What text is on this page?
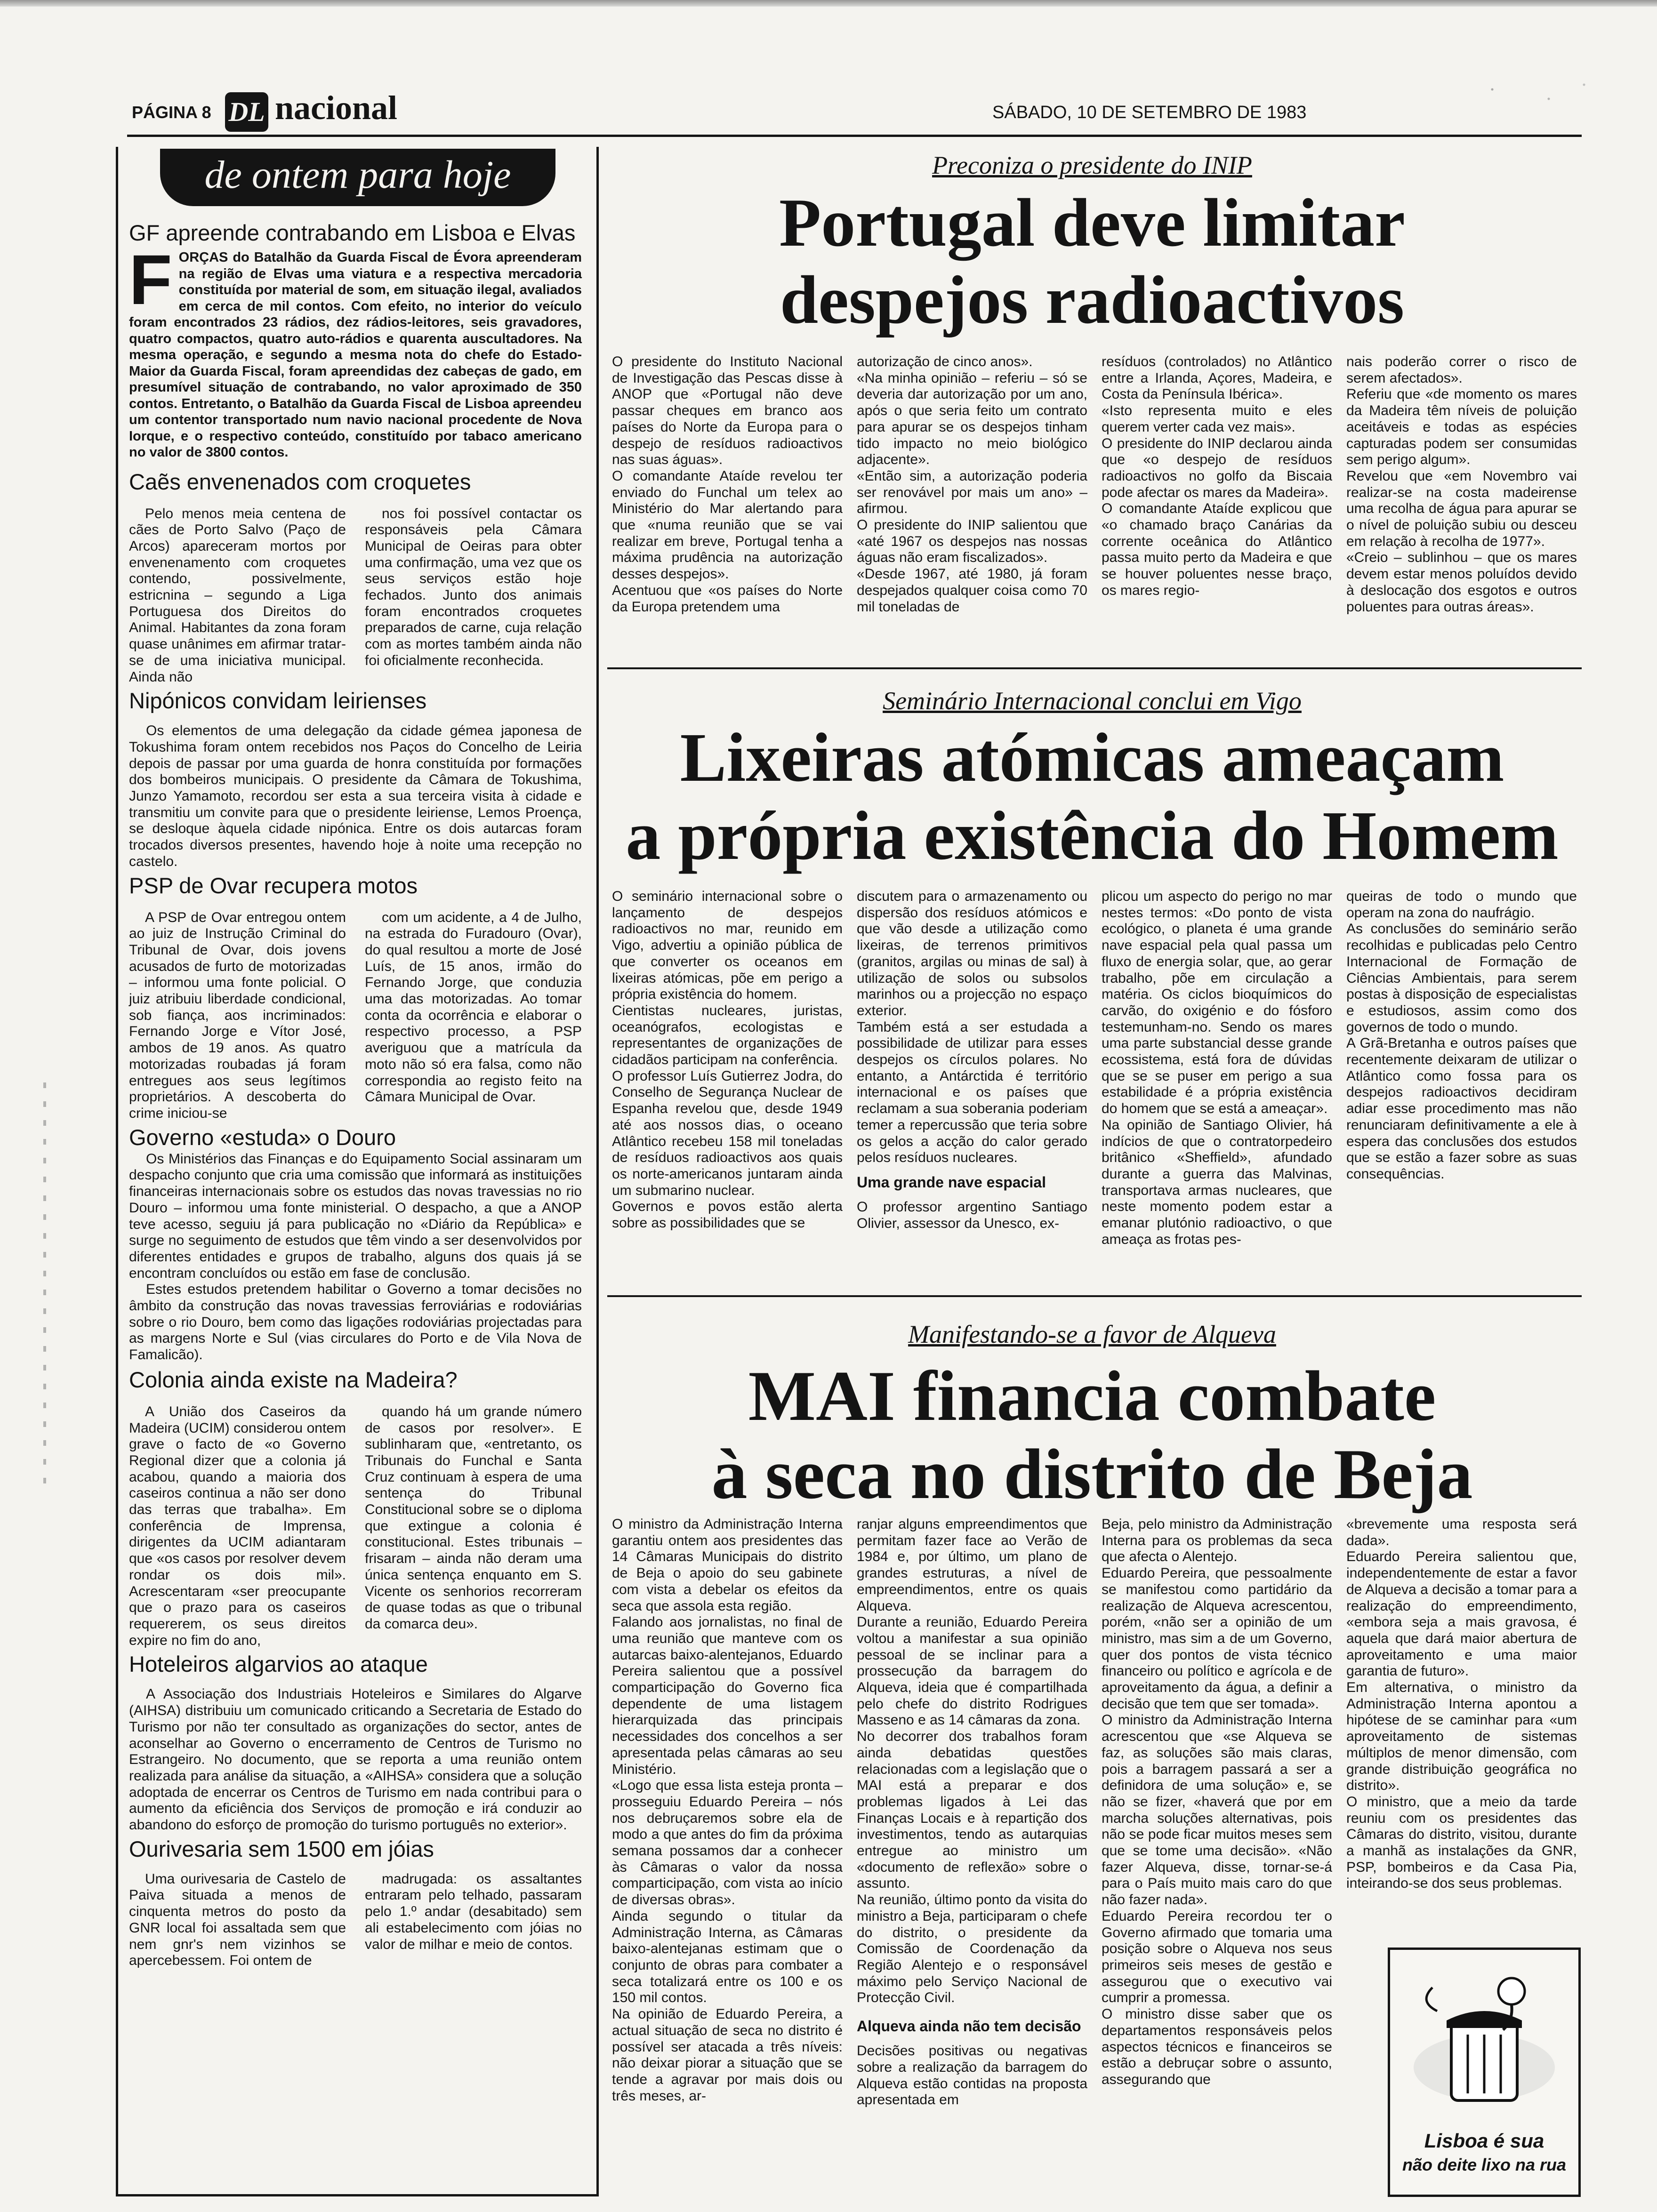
PÁGINA 8 DL nacional	SÁBADO, 10 DE SETEMBRO DE 1983
de ontem para hoje
GF apreende contrabando em Lisboa e Elvas
F ORÇAS do Batalhão da Guarda Fiscal de Évora apreenderam na região de Elvas uma viatura e a respectiva mercadoria constituída por material de som, em situação ilegal, avaliados em cerca de mil contos. Com efeito, no interior do veículo foram encontrados 23 rádios, dez rádios-leitores, seis gravadores, quatro compactos, quatro auto-rádios e quarenta auscultadores. Na mesma operação, e segundo a mesma nota do chefe do Estado-Maior da Guarda Fiscal, foram apreendidas dez cabeças de gado, em presumível situação de contrabando, no valor aproximado de 350 contos. Entretanto, o Batalhão da Guarda Fiscal de Lisboa apreendeu um contentor transportado num navio nacional procedente de Nova Iorque, e o respectivo conteúdo, constituído por tabaco americano no valor de 3800 contos.
Caẽs envenenados com croquetes

Pelo menos meia centena de cães de Porto Salvo (Paço de Arcos) apareceram mortos por envenenamento com croquetes contendo, possivelmente, estricnina – segundo a Liga Portuguesa dos Direitos do Animal. Habitantes da zona foram quase unânimes em afirmar tratar-se de uma iniciativa municipal. Ainda não

nos foi possível contactar os responsáveis pela Câmara Municipal de Oeiras para obter uma confirmação, uma vez que os seus serviços estão hoje fechados. Junto dos animais foram encontrados croquetes preparados de carne, cuja relação com as mortes também ainda não foi oficialmente reconhecida.

Nipónicos convidam leirienses

Os elementos de uma delegação da cidade gémea japonesa de Tokushima foram ontem recebidos nos Paços do Concelho de Leiria depois de passar por uma guarda de honra constituída por formações dos bombeiros municipais. O presidente da Câmara de Tokushima, Junzo Yamamoto, recordou ser esta a sua terceira visita à cidade e transmitiu um convite para que o presidente leiriense, Lemos Proença, se desloque àquela cidade nipónica. Entre os dois autarcas foram trocados diversos presentes, havendo hoje à noite uma recepção no castelo.

PSP de Ovar recupera motos

A PSP de Ovar entregou ontem ao juiz de Instrução Criminal do Tribunal de Ovar, dois jovens acusados de furto de motorizadas – informou uma fonte policial. O juiz atribuiu liberdade condicional, sob fiança, aos incriminados: Fernando Jorge e Vítor José, ambos de 19 anos. As quatro motorizadas roubadas já foram entregues aos seus legítimos proprietários. A descoberta do crime iniciou-se

com um acidente, a 4 de Julho, na estrada do Furadouro (Ovar), do qual resultou a morte de José Luís, de 15 anos, irmão do Fernando Jorge, que conduzia uma das motorizadas. Ao tomar conta da ocorrência e elaborar o respectivo processo, a PSP averiguou que a matrícula da moto não só era falsa, como não correspondia ao registo feito na Câmara Municipal de Ovar.

Governo «estuda» o Douro

Os Ministérios das Finanças e do Equipamento Social assinaram um despacho conjunto que cria uma comissão que informará as instituições financeiras internacionais sobre os estudos das novas travessias no rio Douro – informou uma fonte ministerial. O despacho, a que a ANOP teve acesso, seguiu já para publicação no «Diário da República» e surge no seguimento de estudos que têm vindo a ser desenvolvidos por diferentes entidades e grupos de trabalho, alguns dos quais já se encontram concluídos ou estão em fase de conclusão.

Estes estudos pretendem habilitar o Governo a tomar decisões no âmbito da construção das novas travessias ferroviárias e rodoviárias sobre o rio Douro, bem como das ligações rodoviárias projectadas para as margens Norte e Sul (vias circulares do Porto e de Vila Nova de Famalicão).

Colonia ainda existe na Madeira?

A União dos Caseiros da Madeira (UCIM) considerou ontem grave o facto de «o Governo Regional dizer que a colonia já acabou, quando a maioria dos caseiros continua a não ser dono das terras que trabalha». Em conferência de Imprensa, dirigentes da UCIM adiantaram que «os casos por resolver devem rondar os dois mil». Acrescentaram «ser preocupante que o prazo para os caseiros requererem, os seus direitos expire no fim do ano,

quando há um grande número de casos por resolver». E sublinharam que, «entretanto, os Tribunais do Funchal e Santa Cruz continuam à espera de uma sentença do Tribunal Constitucional sobre se o diploma que extingue a colonia é constitucional. Estes tribunais – frisaram – ainda não deram uma única sentença enquanto em S. Vicente os senhorios recorreram de quase todas as que o tribunal da comarca deu».

Hoteleiros algarvios ao ataque

A Associação dos Industriais Hoteleiros e Similares do Algarve (AIHSA) distribuiu um comunicado criticando a Secretaria de Estado do Turismo por não ter consultado as organizações do sector, antes de aconselhar ao Governo o encerramento de Centros de Turismo no Estrangeiro. No documento, que se reporta a uma reunião ontem realizada para análise da situação, a «AIHSA» considera que a solução adoptada de encerrar os Centros de Turismo em nada contribui para o aumento da eficiência dos Serviços de promoção e irá conduzir ao abandono do esforço de promoção do turismo português no exterior».

Ourivesaria sem 1500 em jóias

Uma ourivesaria de Castelo de Paiva situada a menos de cinquenta metros do posto da GNR local foi assaltada sem que nem gnr's nem vizinhos se apercebessem. Foi ontem de

madrugada: os assaltantes entraram pelo telhado, passaram pelo 1.º andar (desabitado) sem ali estabelecimento com jóias no valor de milhar e meio de contos.

Preconiza o presidente do INIP
Portugal deve limitar
despejos radioactivos
O presidente do Instituto Nacional de Investigação das Pescas disse à ANOP que «Portugal não deve passar cheques em branco aos países do Norte da Europa para o despejo de resíduos radioactivos nas suas águas».
O comandante Ataíde revelou ter enviado do Funchal um telex ao Ministério do Mar alertando para que «numa reunião que se vai realizar em breve, Portugal tenha a máxima prudência na autorização desses despejos».
Acentuou que «os países do Norte da Europa pretendem uma
autorização de cinco anos».
«Na minha opinião – referiu – só se deveria dar autorização por um ano, após o que seria feito um contrato para apurar se os despejos tinham tido impacto no meio biológico adjacente».
«Então sim, a autorização poderia ser renovável por mais um ano» – afirmou.
O presidente do INIP salientou que «até 1967 os despejos nas nossas águas não eram fiscalizados».
«Desde 1967, até 1980, já foram despejados qualquer coisa como 70 mil toneladas de
resíduos (controlados) no Atlântico entre a Irlanda, Açores, Madeira, e Costa da Península Ibérica».
«Isto representa muito e eles querem verter cada vez mais».
O presidente do INIP declarou ainda que «o despejo de resíduos radioactivos no golfo da Biscaia pode afectar os mares da Madeira».
O comandante Ataíde explicou que «o chamado braço Canárias da corrente oceânica do Atlântico passa muito perto da Madeira e que se houver poluentes nesse braço, os mares regio-
nais poderão correr o risco de serem afectados».
Referiu que «de momento os mares da Madeira têm níveis de poluição aceitáveis e todas as espécies capturadas podem ser consumidas sem perigo algum».
Revelou que «em Novembro vai realizar-se na costa madeirense uma recolha de água para apurar se o nível de poluição subiu ou desceu em relação à recolha de 1977».
«Creio – sublinhou – que os mares devem estar menos poluídos devido à deslocação dos esgotos e outros poluentes para outras áreas».
Seminário Internacional conclui em Vigo
Lixeiras atómicas ameaçam
a própria existência do Homem
O seminário internacional sobre o lançamento de despejos radioactivos no mar, reunido em Vigo, advertiu a opinião pública de que converter os oceanos em lixeiras atómicas, põe em perigo a própria existência do homem.
Cientistas nucleares, juristas, oceanógrafos, ecologistas e representantes de organizações de cidadãos participam na conferência.
O professor Luís Gutierrez Jodra, do Conselho de Segurança Nuclear de Espanha revelou que, desde 1949 até aos nossos dias, o oceano Atlântico recebeu 158 mil toneladas de resíduos radioactivos aos quais os norte-americanos juntaram ainda um submarino nuclear.
Governos e povos estão alerta sobre as possibilidades que se
discutem para o armazenamento ou dispersão dos resíduos atómicos e que vão desde a utilização como lixeiras, de terrenos primitivos (granitos, argilas ou minas de sal) à utilização de solos ou subsolos marinhos ou a projecção no espaço exterior.
Também está a ser estudada a possibilidade de utilizar para esses despejos os círculos polares. No entanto, a Antárctida é território internacional e os países que reclamam a sua soberania poderiam temer a repercussão que teria sobre os gelos a acção do calor gerado pelos resíduos nucleares.
Uma grande nave espacial
O professor argentino Santiago Olivier, assessor da Unesco, ex-
plicou um aspecto do perigo no mar nestes termos: «Do ponto de vista ecológico, o planeta é uma grande nave espacial pela qual passa um fluxo de energia solar, que, ao gerar trabalho, põe em circulação a matéria. Os ciclos bioquímicos do carvão, do oxigénio e do fósforo testemunham-no. Sendo os mares uma parte substancial desse grande ecossistema, está fora de dúvidas que se se puser em perigo a sua estabilidade é a própria existência do homem que se está a ameaçar».
Na opinião de Santiago Olivier, há indícios de que o contratorpedeiro britânico «Sheffield», afundado durante a guerra das Malvinas, transportava armas nucleares, que neste momento podem estar a emanar plutónio radioactivo, o que ameaça as frotas pes-
queiras de todo o mundo que operam na zona do naufrágio.
As conclusões do seminário serão recolhidas e publicadas pelo Centro Internacional de Formação de Ciências Ambientais, para serem postas à disposição de especialistas e estudiosos, assim como dos governos de todo o mundo.
A Grã-Bretanha e outros países que recentemente deixaram de utilizar o Atlântico como fossa para os despejos radioactivos decidiram adiar esse procedimento mas não renunciaram definitivamente a ele à espera das conclusões dos estudos que se estão a fazer sobre as suas consequências.
Manifestando-se a favor de Alqueva
MAI financia combate
à seca no distrito de Beja
O ministro da Administração Interna garantiu ontem aos presidentes das 14 Câmaras Municipais do distrito de Beja o apoio do seu gabinete com vista a debelar os efeitos da seca que assola esta região.
Falando aos jornalistas, no final de uma reunião que manteve com os autarcas baixo-alentejanos, Eduardo Pereira salientou que a possível comparticipação do Governo fica dependente de uma listagem hierarquizada das principais necessidades dos concelhos a ser apresentada pelas câmaras ao seu Ministério.
«Logo que essa lista esteja pronta – prosseguiu Eduardo Pereira – nós nos debruçaremos sobre ela de modo a que antes do fim da próxima semana possamos dar a conhecer às Câmaras o valor da nossa comparticipação, com vista ao início de diversas obras».
Ainda segundo o titular da Administração Interna, as Câmaras baixo-alentejanas estimam que o conjunto de obras para combater a seca totalizará entre os 100 e os 150 mil contos.
Na opinião de Eduardo Pereira, a actual situação de seca no distrito é possível ser atacada a três níveis: não deixar piorar a situação que se tende a agravar por mais dois ou três meses, ar-
ranjar alguns empreendimentos que permitam fazer face ao Verão de 1984 e, por último, um plano de grandes estruturas, a nível de empreendimentos, entre os quais Alqueva.
Durante a reunião, Eduardo Pereira voltou a manifestar a sua opinião pessoal de se inclinar para a prossecução da barragem do Alqueva, ideia que é compartilhada pelo chefe do distrito Rodrigues Masseno e as 14 câmaras da zona.
No decorrer dos trabalhos foram ainda debatidas questões relacionadas com a legislação que o MAI está a preparar e dos problemas ligados à Lei das Finanças Locais e à repartição dos investimentos, tendo as autarquias entregue ao ministro um «documento de reflexão» sobre o assunto.
Na reunião, último ponto da visita do ministro a Beja, participaram o chefe do distrito, o presidente da Comissão de Coordenação da Região Alentejo e o responsável máximo pelo Serviço Nacional de Protecção Civil.
Alqueva ainda não tem decisão
Decisões positivas ou negativas sobre a realização da barragem do Alqueva estão contidas na proposta apresentada em
Beja, pelo ministro da Administração Interna para os problemas da seca que afecta o Alentejo.
Eduardo Pereira, que pessoalmente se manifestou como partidário da realização de Alqueva acrescentou, porém, «não ser a opinião de um ministro, mas sim a de um Governo, quer dos pontos de vista técnico financeiro ou político e agrícola e de aproveitamento da água, a definir a decisão que tem que ser tomada».
O ministro da Administração Interna acrescentou que «se Alqueva se faz, as soluções são mais claras, pois a barragem passará a ser a definidora de uma solução» e, se não se fizer, «haverá que por em marcha soluções alternativas, pois não se pode ficar muitos meses sem que se tome uma decisão». «Não fazer Alqueva, disse, tornar-se-á para o País muito mais caro do que não fazer nada».
Eduardo Pereira recordou ter o Governo afirmado que tomaria uma posição sobre o Alqueva nos seus primeiros seis meses de gestão e assegurou que o executivo vai cumprir a promessa.
O ministro disse saber que os departamentos responsáveis pelos aspectos técnicos e financeiros se estão a debruçar sobre o assunto, assegurando que
«brevemente uma resposta será dada».
Eduardo Pereira salientou que, independentemente de estar a favor de Alqueva a decisão a tomar para a realização do empreendimento, «embora seja a mais gravosa, é aquela que dará maior abertura de aproveitamento e uma maior garantia de futuro».
Em alternativa, o ministro da Administração Interna apontou a hipótese de se caminhar para «um aproveitamento de sistemas múltiplos de menor dimensão, com grande distribuição geográfica no distrito».
O ministro, que a meio da tarde reuniu com os presidentes das Câmaras do distrito, visitou, durante a manhã as instalações da GNR, PSP, bombeiros e da Casa Pia, inteirando-se dos seus problemas.
Lisboa é sua
não deite lixo na rua
